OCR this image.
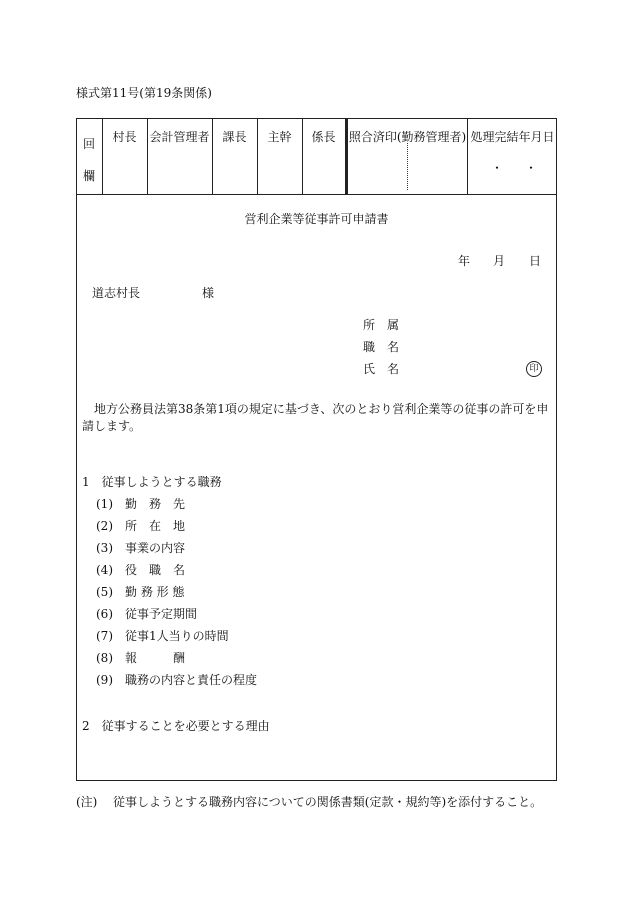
様式第11号(第19条関係)
回
欄
村長	会計管理者	課長	主幹	係長	照合済印(勤務管理者) 処理完結年月日
・ ・
営利企業等従事許可申請書
年 月 日
道志村長	様
所　属
職　名
氏　名	印
地方公務員法第38条第1項の規定に基づき、次のとおり営利企業等の従事の許可を申請します。
1　従事しようとする職務
(1) 勤　務　先
(2) 所　在　地
(3) 事業の内容
(4) 役　職　名
(5) 勤 務 形 態
(6) 従事予定期間
(7) 従事1人当りの時間
(8) 報　　　酬
(9) 職務の内容と責任の程度
2　従事することを必要とする理由
(注) 従事しようとする職務内容についての関係書類(定款・規約等)を添付すること。
